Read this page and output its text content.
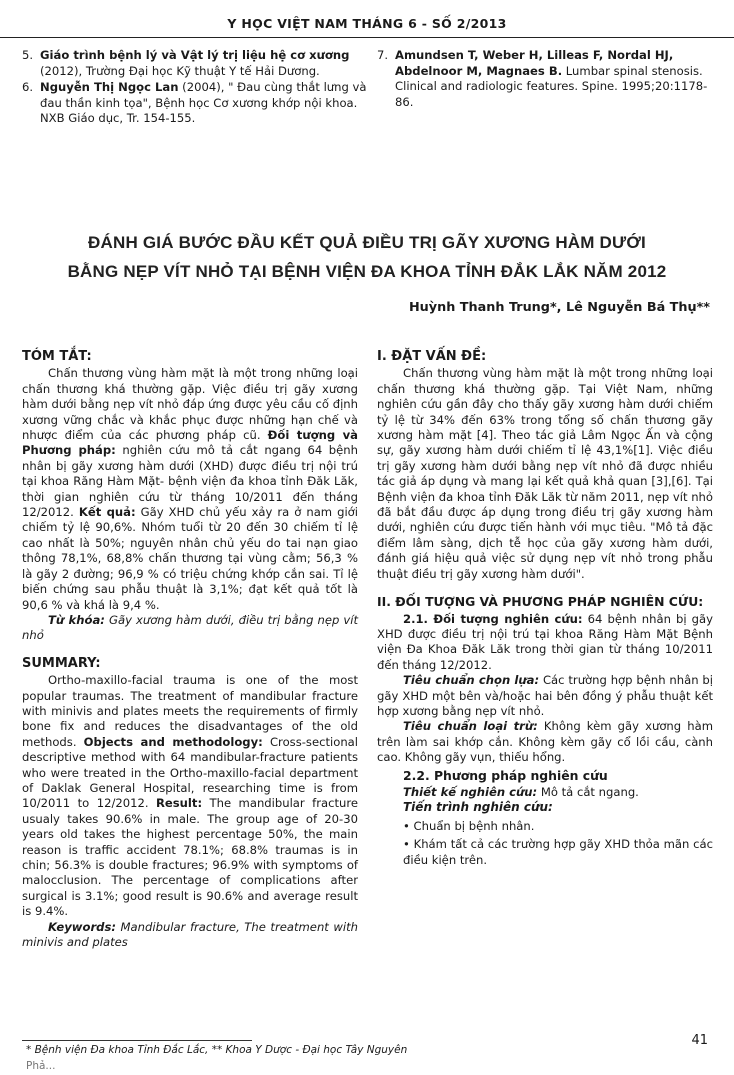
Y HỌC VIỆT NAM THÁNG 6 - SỐ 2/2013
5. Giáo trình bệnh lý và Vật lý trị liệu hệ cơ xương (2012), Trường Đại học Kỹ thuật Y tế Hải Dương.
6. Nguyễn Thị Ngọc Lan (2004), " Đau cùng thắt lưng và đau thần kinh tọa", Bệnh học Cơ xương khớp nội khoa. NXB Giáo dục, Tr. 154-155.
7. Amundsen T, Weber H, Lilleas F, Nordal HJ, Abdelnoor M, Magnaes B. Lumbar spinal stenosis. Clinical and radiologic features. Spine. 1995;20:1178-86.
ĐÁNH GIÁ BƯỚC ĐẦU KẾT QUẢ ĐIỀU TRỊ GÃY XƯƠNG HÀM DƯỚI
BẰNG NẸP VÍT NHỎ TẠI BỆNH VIỆN ĐA KHOA TỈNH ĐẮK LẮK NĂM 2012
Huỳnh Thanh Trung*, Lê Nguyễn Bá Thụ**
TÓM TẮT:

Chấn thương vùng hàm mặt là một trong những loại chấn thương khá thường gặp. Việc điều trị gãy xương hàm dưới bằng nẹp vít nhỏ đáp ứng được yêu cầu cố định xương vững chắc và khắc phục được những hạn chế và nhược điểm của các phương pháp cũ. Đối tượng và Phương pháp: nghiên cứu mô tả cắt ngang 64 bệnh nhân bị gãy xương hàm dưới (XHD) được điều trị nội trú tại khoa Răng Hàm Mặt- bệnh viện đa khoa tỉnh Đăk Lăk, thời gian nghiên cứu từ tháng 10/2011 đến tháng 12/2012. Kết quả: Gãy XHD chủ yếu xảy ra ở nam giới chiếm tỷ lệ 90,6%. Nhóm tuổi từ 20 đến 30 chiếm tỉ lệ cao nhất là 50%; nguyên nhân chủ yếu do tai nạn giao thông 78,1%, 68,8% chấn thương tại vùng cằm; 56,3 % là gãy 2 đường; 96,9 % có triệu chứng khớp cắn sai. Tỉ lệ biến chứng sau phẫu thuật là 3,1%; đạt kết quả tốt là 90,6 % và khá là 9,4 %.

Từ khóa: Gãy xương hàm dưới, điều trị bằng nẹp vít nhỏ

SUMMARY:

Ortho-maxillo-facial trauma is one of the most popular traumas. The treatment of mandibular fracture with minivis and plates meets the requirements of firmly bone fix and reduces the disadvantages of the old methods. Objects and methodology: Cross-sectional descriptive method with 64 mandibular-fracture patients who were treated in the Ortho-maxillo-facial department of Daklak General Hospital, researching time is from 10/2011 to 12/2012. Result: The mandibular fracture usualy takes 90.6% in male. The group age of 20-30 years old takes the highest percentage 50%, the main reason is traffic accident 78.1%; 68.8% traumas is in chin; 56.3% is double fractures; 96.9% with symptoms of malocclusion. The percentage of complications after surgical is 3.1%; good result is 90.6% and average result is 9.4%.

Keywords: Mandibular fracture, The treatment with minivis and plates

I. ĐẶT VẤN ĐỀ:

Chấn thương vùng hàm mặt là một trong những loại chấn thương khá thường gặp. Tại Việt Nam, những nghiên cứu gần đây cho thấy gãy xương hàm dưới chiếm tỷ lệ từ 34% đến 63% trong tổng số chấn thương gãy xương hàm mặt [4]. Theo tác giả Lâm Ngọc Ấn và cộng sự, gãy xương hàm dưới chiếm tỉ lệ 43,1%[1]. Việc điều trị gãy xương hàm dưới bằng nẹp vít nhỏ đã được nhiều tác giả áp dụng và mang lại kết quả khả quan [3],[6]. Tại Bệnh viện đa khoa tỉnh Đăk Lăk từ năm 2011, nẹp vít nhỏ đã bắt đầu được áp dụng trong điều trị gãy xương hàm dưới, nghiên cứu được tiến hành với mục tiêu. "Mô tả đặc điểm lâm sàng, dịch tễ học của gãy xương hàm dưới, đánh giá hiệu quả việc sử dụng nẹp vít nhỏ trong phẫu thuật điều trị gãy xương hàm dưới".

II. ĐỐI TƯỢNG VÀ PHƯƠNG PHÁP NGHIÊN CỨU:

2.1. Đối tượng nghiên cứu: 64 bệnh nhân bị gãy XHD được điều trị nội trú tại khoa Răng Hàm Mặt Bệnh viện Đa Khoa Đăk Lăk trong thời gian từ tháng 10/2011 đến tháng 12/2012.

Tiêu chuẩn chọn lựa: Các trường hợp bệnh nhân bị gãy XHD một bên và/hoặc hai bên đồng ý phẫu thuật kết hợp xương bằng nẹp vít nhỏ.

Tiêu chuẩn loại trừ: Không kèm gãy xương hàm trên làm sai khớp cắn. Không kèm gãy cổ lồi cầu, cành cao. Không gãy vụn, thiếu hổng.

2.2. Phương pháp nghiên cứu

Thiết kế nghiên cứu: Mô tả cắt ngang.

Tiến trình nghiên cứu:
• Chuẩn bị bệnh nhân.
• Khám tất cả các trường hợp gãy XHD thỏa mãn các điều kiện trên.
41
* Bệnh viện Đa khoa Tỉnh Đắc Lắc, ** Khoa Y Dược - Đại học Tây Nguyên
Phả...
